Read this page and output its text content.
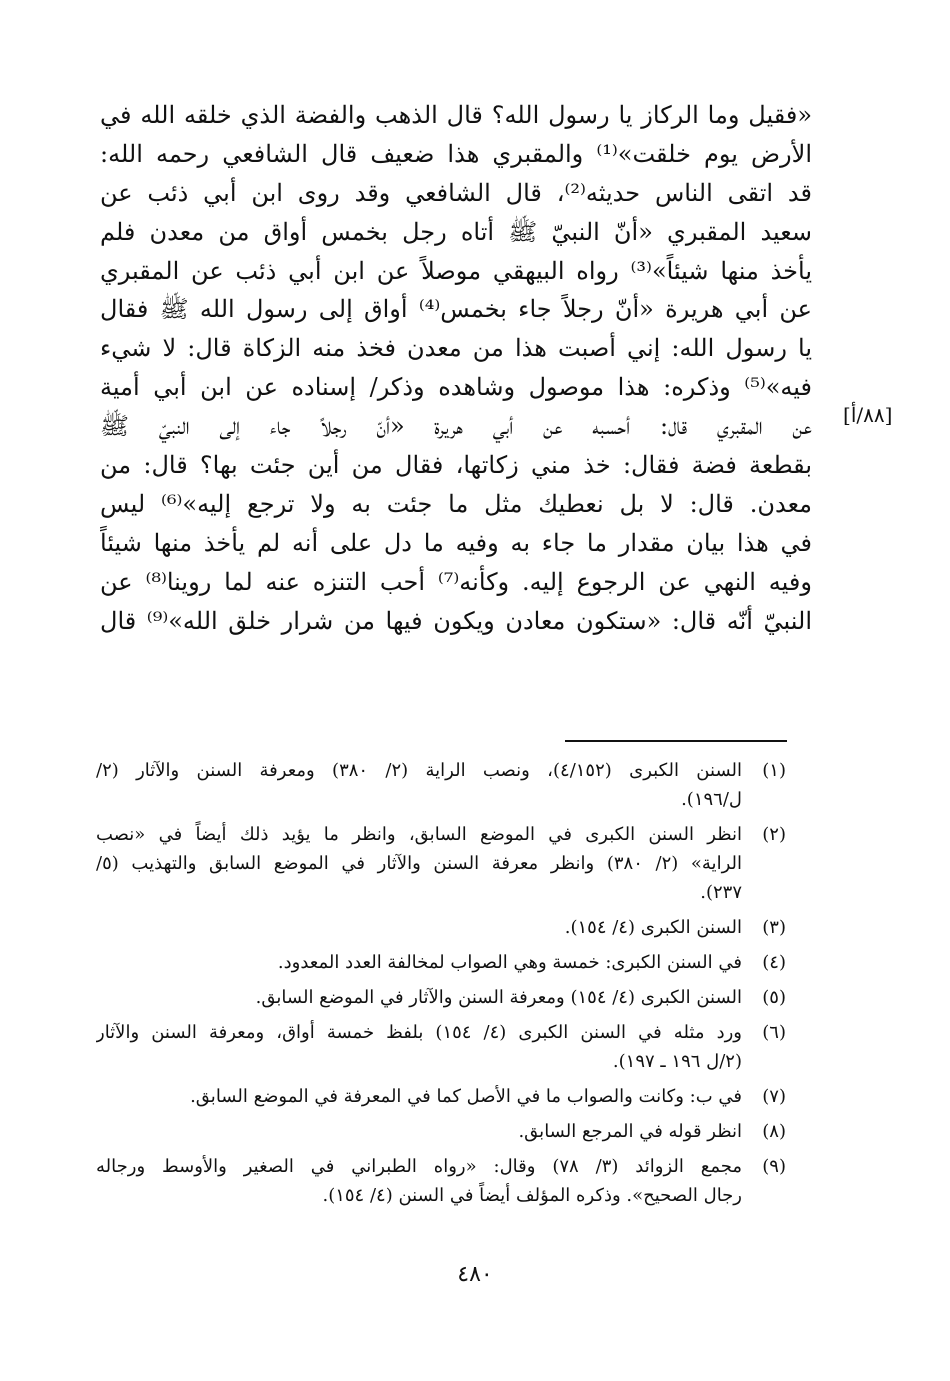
«فقيل وما الركاز يا رسول الله؟ قال الذهب والفضة الذي خلقه الله في
الأرض يوم خلقت»⁽¹⁾ والمقبري هذا ضعيف قال الشافعي رحمه الله:
قد اتقى الناس حديثه⁽²⁾، قال الشافعي وقد روى ابن أبي ذئب عن
سعيد المقبري «أنّ النبيّ ﷺ أتاه رجل بخمس أواق من معدن فلم
يأخذ منها شيئاً»⁽³⁾ رواه البيهقي موصلاً عن ابن أبي ذئب عن المقبري
عن أبي هريرة «أنّ رجلاً جاء بخمس⁽⁴⁾ أواق إلى رسول الله ﷺ فقال
يا رسول الله: إني أصبت هذا من معدن فخذ منه الزكاة قال: لا شيء
فيه»⁽⁵⁾ وذكره: هذا موصول وشاهده وذكر/ إسناده عن ابن أبي أمية
عن المقبري قال: أحسبه عن أبي هريرة «أنّ رجلاً جاء إلى النبيّ ﷺ
بقطعة فضة فقال: خذ مني زكاتها، فقال من أين جئت بها؟ قال: من
معدن. قال: لا بل نعطيك مثل ما جئت به ولا ترجع إليه»⁽⁶⁾ ليس
في هذا بيان مقدار ما جاء به وفيه ما دل على أنه لم يأخذ منها شيئاً
وفيه النهي عن الرجوع إليه. وكأنه⁽⁷⁾ أحب التنزه عنه لما روينا⁽⁸⁾ عن
النبيّ أنّه قال: «ستكون معادن ويكون فيها من شرار خلق الله»⁽⁹⁾ قال
[٨٨/أ]
(١)
السنن الكبرى (٤/١٥٢)، ونصب الراية (٢/ ٣٨٠) ومعرفة السنن والآثار (٢/
ل/١٩٦).
(٢)
انظر السنن الكبرى في الموضع السابق، وانظر ما يؤيد ذلك أيضاً في «نصب
الراية» (٢/ ٣٨٠) وانظر معرفة السنن والآثار في الموضع السابق والتهذيب (٥/
٢٣٧).
(٣)
السنن الكبرى (٤/ ١٥٤).
(٤)
في السنن الكبرى: خمسة وهي الصواب لمخالفة العدد المعدود.
(٥)
السنن الكبرى (٤/ ١٥٤) ومعرفة السنن والآثار في الموضع السابق.
(٦)
ورد مثله في السنن الكبرى (٤/ ١٥٤) بلفظ خمسة أواق، ومعرفة السنن والآثار
(٢/ل ١٩٦ ـ ١٩٧).
(٧)
في ب: وكانت والصواب ما في الأصل كما في المعرفة في الموضع السابق.
(٨)
انظر قوله في المرجع السابق.
(٩)
مجمع الزوائد (٣/ ٧٨) وقال: «رواه الطبراني في الصغير والأوسط ورجاله
رجال الصحيح». وذكره المؤلف أيضاً في السنن (٤/ ١٥٤).
٤٨٠
